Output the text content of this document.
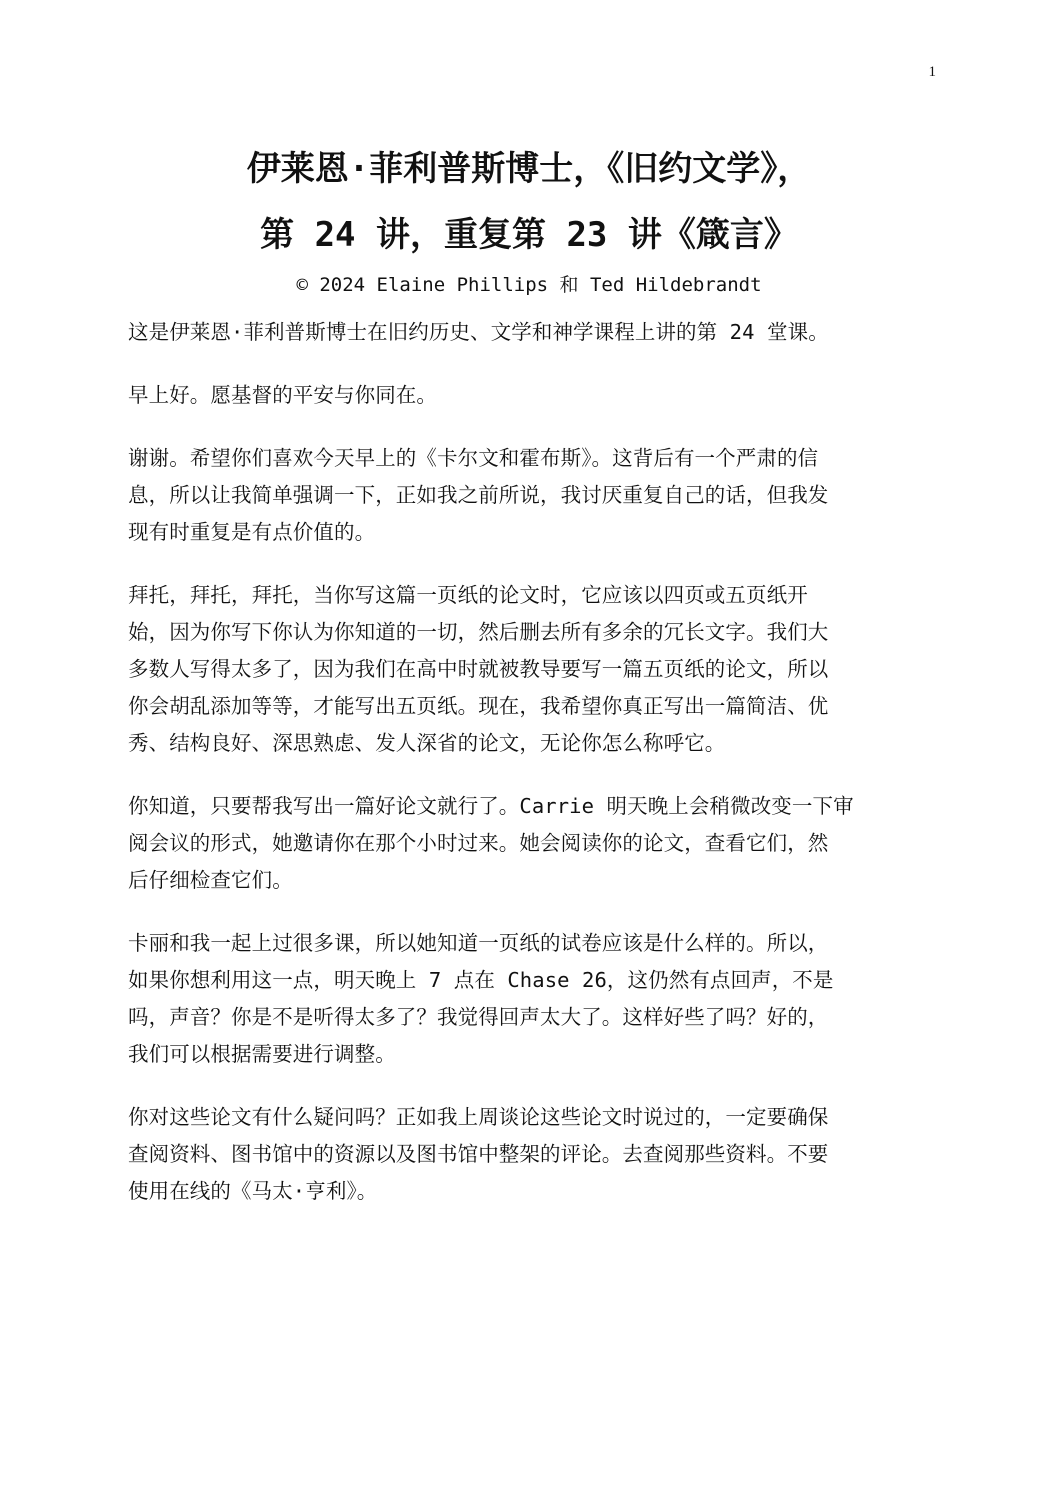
1
伊莱恩·菲利普斯博士，《旧约文学》，
第 24 讲，重复第 23 讲《箴言》
© 2024 Elaine Phillips 和 Ted Hildebrandt

这是伊莱恩·菲利普斯博士在旧约历史、文学和神学课程上讲的第 24 堂课。

早上好。愿基督的平安与你同在。

谢谢。希望你们喜欢今天早上的《卡尔文和霍布斯》。这背后有一个严肃的信
息，所以让我简单强调一下，正如我之前所说，我讨厌重复自己的话，但我发
现有时重复是有点价值的。

拜托，拜托，拜托，当你写这篇一页纸的论文时，它应该以四页或五页纸开
始，因为你写下你认为你知道的一切，然后删去所有多余的冗长文字。我们大
多数人写得太多了，因为我们在高中时就被教导要写一篇五页纸的论文，所以
你会胡乱添加等等，才能写出五页纸。现在，我希望你真正写出一篇简洁、优
秀、结构良好、深思熟虑、发人深省的论文，无论你怎么称呼它。

你知道，只要帮我写出一篇好论文就行了。Carrie 明天晚上会稍微改变一下审
阅会议的形式，她邀请你在那个小时过来。她会阅读你的论文，查看它们，然
后仔细检查它们。

卡丽和我一起上过很多课，所以她知道一页纸的试卷应该是什么样的。所以，
如果你想利用这一点，明天晚上 7 点在 Chase 26，这仍然有点回声，不是
吗，声音？你是不是听得太多了？我觉得回声太大了。这样好些了吗？好的，
我们可以根据需要进行调整。

你对这些论文有什么疑问吗？正如我上周谈论这些论文时说过的，一定要确保
查阅资料、图书馆中的资源以及图书馆中整架的评论。去查阅那些资料。不要
使用在线的《马太·亨利》。
